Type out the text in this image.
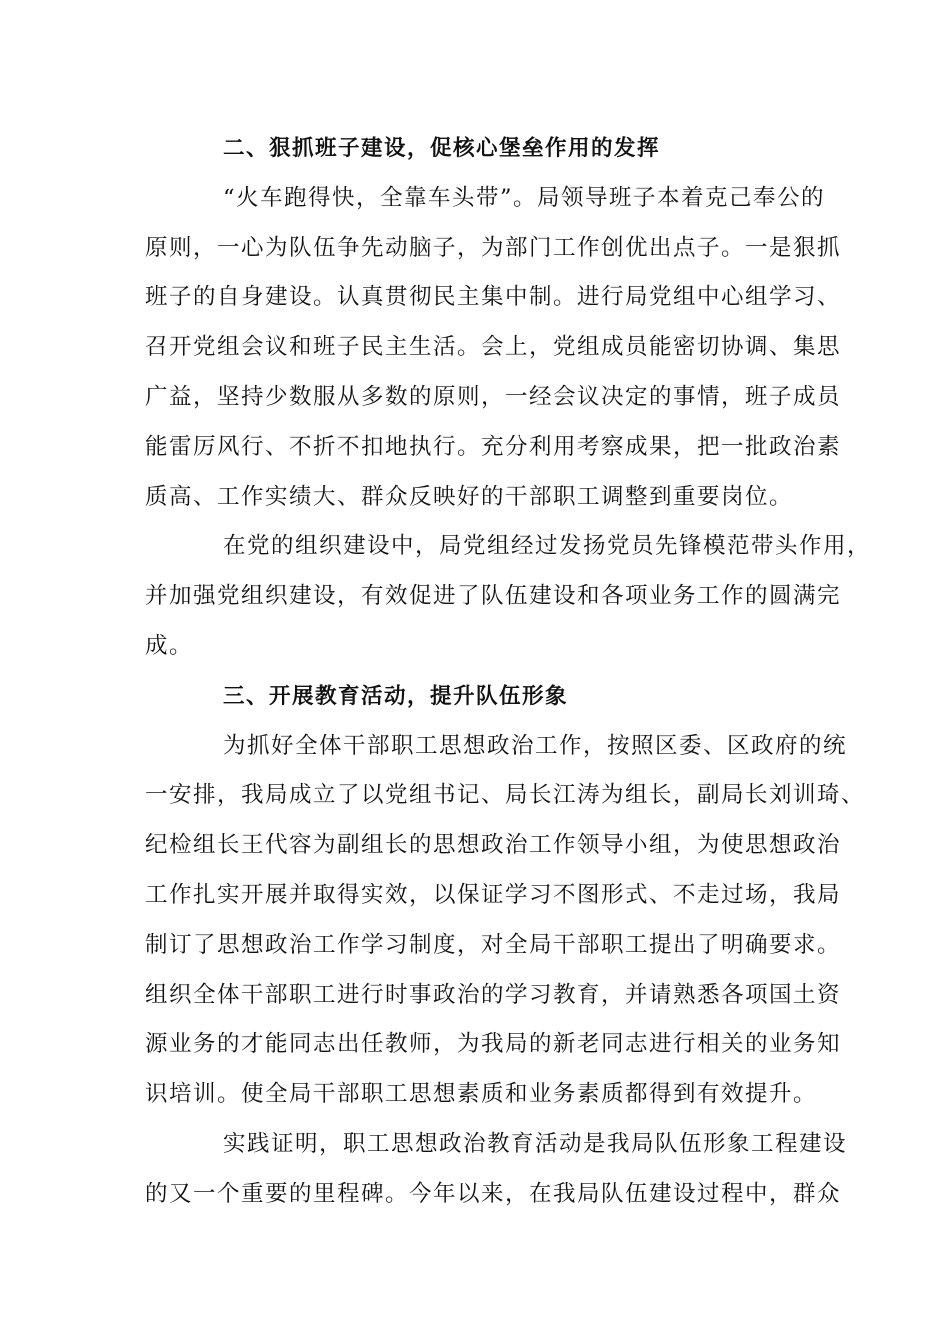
二、狠抓班子建设，促核心堡垒作用的发挥
“火车跑得快，全靠车头带”。局领导班子本着克己奉公的
原则，一心为队伍争先动脑子，为部门工作创优出点子。一是狠抓
班子的自身建设。认真贯彻民主集中制。进行局党组中心组学习、
召开党组会议和班子民主生活。会上，党组成员能密切协调、集思
广益，坚持少数服从多数的原则，一经会议决定的事情，班子成员
能雷厉风行、不折不扣地执行。充分利用考察成果，把一批政治素
质高、工作实绩大、群众反映好的干部职工调整到重要岗位。
在党的组织建设中，局党组经过发扬党员先锋模范带头作用，
并加强党组织建设，有效促进了队伍建设和各项业务工作的圆满完
成。
三、开展教育活动，提升队伍形象
为抓好全体干部职工思想政治工作，按照区委、区政府的统
一安排，我局成立了以党组书记、局长江涛为组长，副局长刘训琦、
纪检组长王代容为副组长的思想政治工作领导小组，为使思想政治
工作扎实开展并取得实效，以保证学习不图形式、不走过场，我局
制订了思想政治工作学习制度，对全局干部职工提出了明确要求。
组织全体干部职工进行时事政治的学习教育，并请熟悉各项国土资
源业务的才能同志出任教师，为我局的新老同志进行相关的业务知
识培训。使全局干部职工思想素质和业务素质都得到有效提升。
实践证明，职工思想政治教育活动是我局队伍形象工程建设
的又一个重要的里程碑。今年以来，在我局队伍建设过程中，群众
